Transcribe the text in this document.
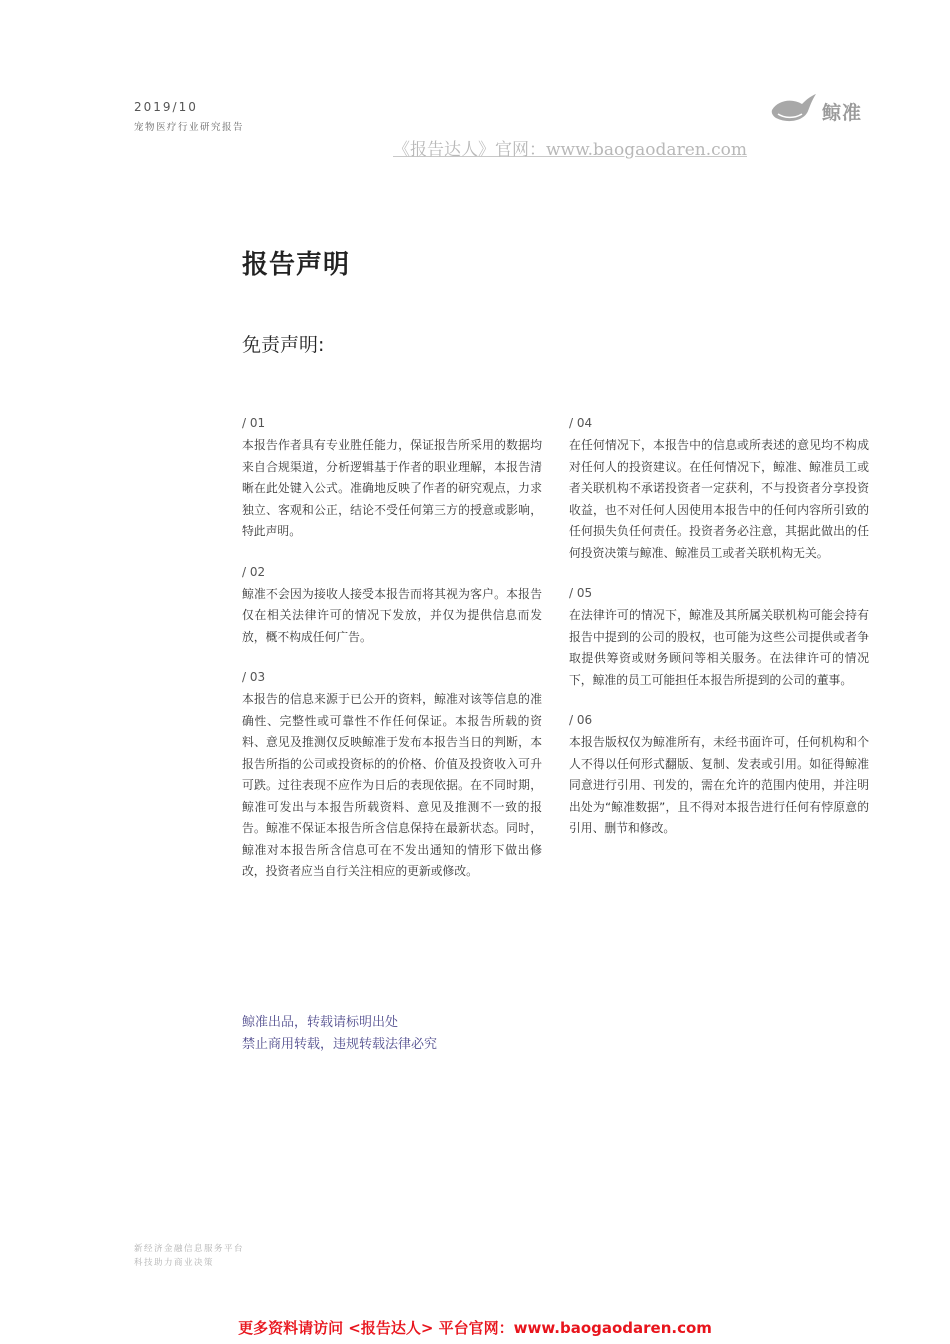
2019/10
宠物医疗行业研究报告
鲸准
《报告达人》官网：www.baogaodaren.com
报告声明
免责声明:
/ 01
本报告作者具有专业胜任能力，保证报告所采用的数据均来自合规渠道，分析逻辑基于作者的职业理解，本报告清晰在此处键入公式。准确地反映了作者的研究观点，力求独立、客观和公正，结论不受任何第三方的授意或影响，特此声明。
/ 02
鲸准不会因为接收人接受本报告而将其视为客户。本报告仅在相关法律许可的情况下发放，并仅为提供信息而发放，概不构成任何广告。
/ 03
本报告的信息来源于已公开的资料，鲸准对该等信息的准确性、完整性或可靠性不作任何保证。本报告所载的资料、意见及推测仅反映鲸准于发布本报告当日的判断，本报告所指的公司或投资标的的价格、价值及投资收入可升可跌。过往表现不应作为日后的表现依据。在不同时期，鲸准可发出与本报告所载资料、意见及推测不一致的报告。鲸准不保证本报告所含信息保持在最新状态。同时，鲸准对本报告所含信息可在不发出通知的情形下做出修改，投资者应当自行关注相应的更新或修改。
/ 04
在任何情况下，本报告中的信息或所表述的意见均不构成对任何人的投资建议。在任何情况下，鲸准、鲸准员工或者关联机构不承诺投资者一定获利，不与投资者分享投资收益，也不对任何人因使用本报告中的任何内容所引致的任何损失负任何责任。投资者务必注意，其据此做出的任何投资决策与鲸准、鲸准员工或者关联机构无关。
/ 05
在法律许可的情况下，鲸准及其所属关联机构可能会持有报告中提到的公司的股权，也可能为这些公司提供或者争取提供筹资或财务顾问等相关服务。在法律许可的情况下，鲸准的员工可能担任本报告所提到的公司的董事。
/ 06
本报告版权仅为鲸准所有，未经书面许可，任何机构和个人不得以任何形式翻版、复制、发表或引用。如征得鲸准同意进行引用、刊发的，需在允许的范围内使用，并注明出处为“鲸准数据”，且不得对本报告进行任何有悖原意的引用、删节和修改。
鲸准出品，转载请标明出处
禁止商用转载，违规转载法律必究
新经济金融信息服务平台
科技助力商业决策
更多资料请访问 <报告达人> 平台官网：www.baogaodaren.com
